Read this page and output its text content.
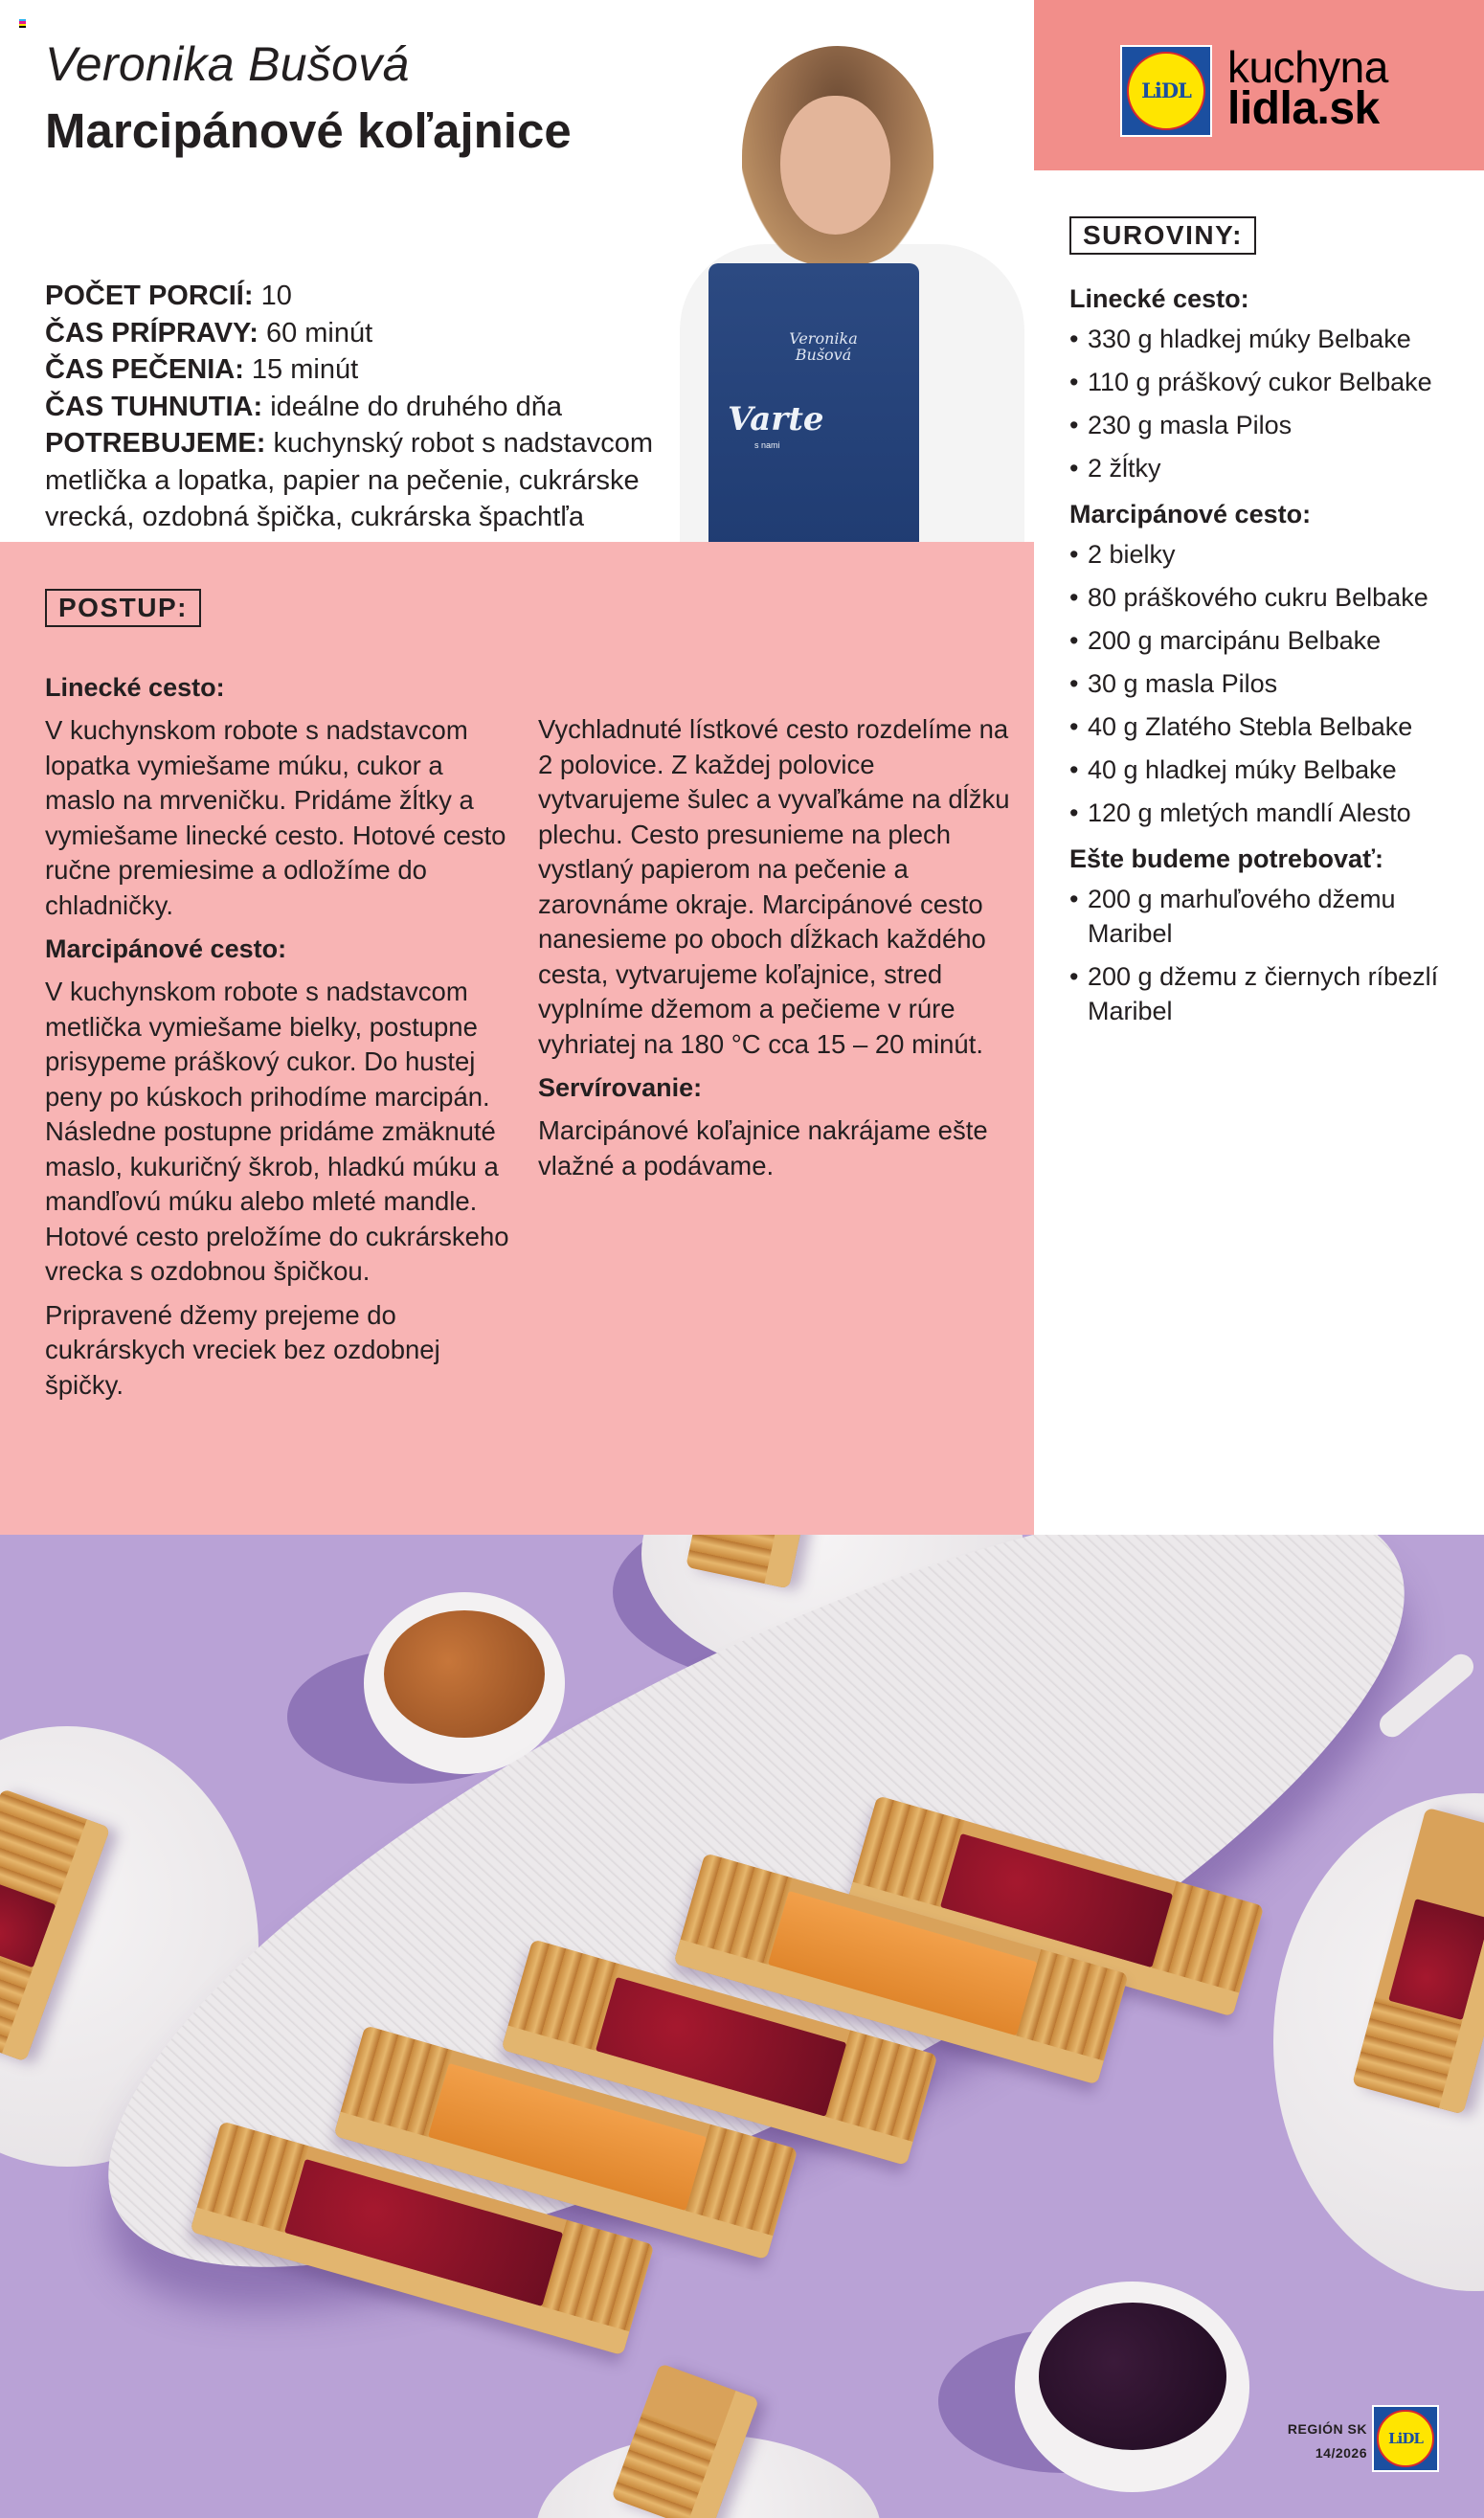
Veronika Bušová
Marcipánové koľajnice
POČET PORCIÍ: 10
ČAS PRÍPRAVY: 60 minút
ČAS PEČENIA: 15 minút
ČAS TUHNUTIA: ideálne do druhého dňa
POTREBUJEME: kuchynský robot s nadstavcom metlička a lopatka, papier na pečenie, cukrárske vrecká, ozdobná špička, cukrárska špachtľa
Veronika Bušová
Varte
s nami
LiDL kuchyna
lidla.sk
SUROVINY:
Linecké cesto:
• 330 g hladkej múky Belbake
• 110 g práškový cukor Belbake
• 230 g masla Pilos
• 2 žĺtky
Marcipánové cesto:
• 2 bielky
• 80 práškového cukru Belbake
• 200 g marcipánu Belbake
• 30 g masla Pilos
• 40 g Zlatého Stebla Belbake
• 40 g hladkej múky Belbake
• 120 g mletých mandlí Alesto
Ešte budeme potrebovať:
• 200 g marhuľového džemu Maribel
• 200 g džemu z čiernych ríbezlí Maribel
POSTUP:
Linecké cesto:

V kuchynskom robote s nadstavcom lopatka vymiešame múku, cukor a maslo na mrveničku. Pridáme žĺtky a vymiešame linecké cesto. Hotové cesto ručne premiesime a odložíme do chladničky.

Marcipánové cesto:

V kuchynskom robote s nadstavcom metlička vymiešame bielky, postupne prisypeme práškový cukor. Do hustej peny po kúskoch prihodíme marcipán. Následne postupne pridáme zmäknuté maslo, kukuričný škrob, hladkú múku a mandľovú múku alebo mleté mandle. Hotové cesto preložíme do cukrárskeho vrecka s ozdobnou špičkou.

Pripravené džemy prejeme do cukrárskych vreciek bez ozdobnej špičky.

Vychladnuté lístkové cesto rozdelíme na 2 polovice. Z každej polovice vytvarujeme šulec a vyvaľkáme na dĺžku plechu. Cesto presunieme na plech vystlaný papierom na pečenie a zarovnáme okraje. Marcipánové cesto nanesieme po oboch dĺžkach každého cesta, vytvarujeme koľajnice, stred vyplníme džemom a pečieme v rúre vyhriatej na 180 °C cca 15 – 20 minút.

Servírovanie:

Marcipánové koľajnice nakrájame ešte vlažné a podávame.

REGIÓN SK
14/2026
LiDL
